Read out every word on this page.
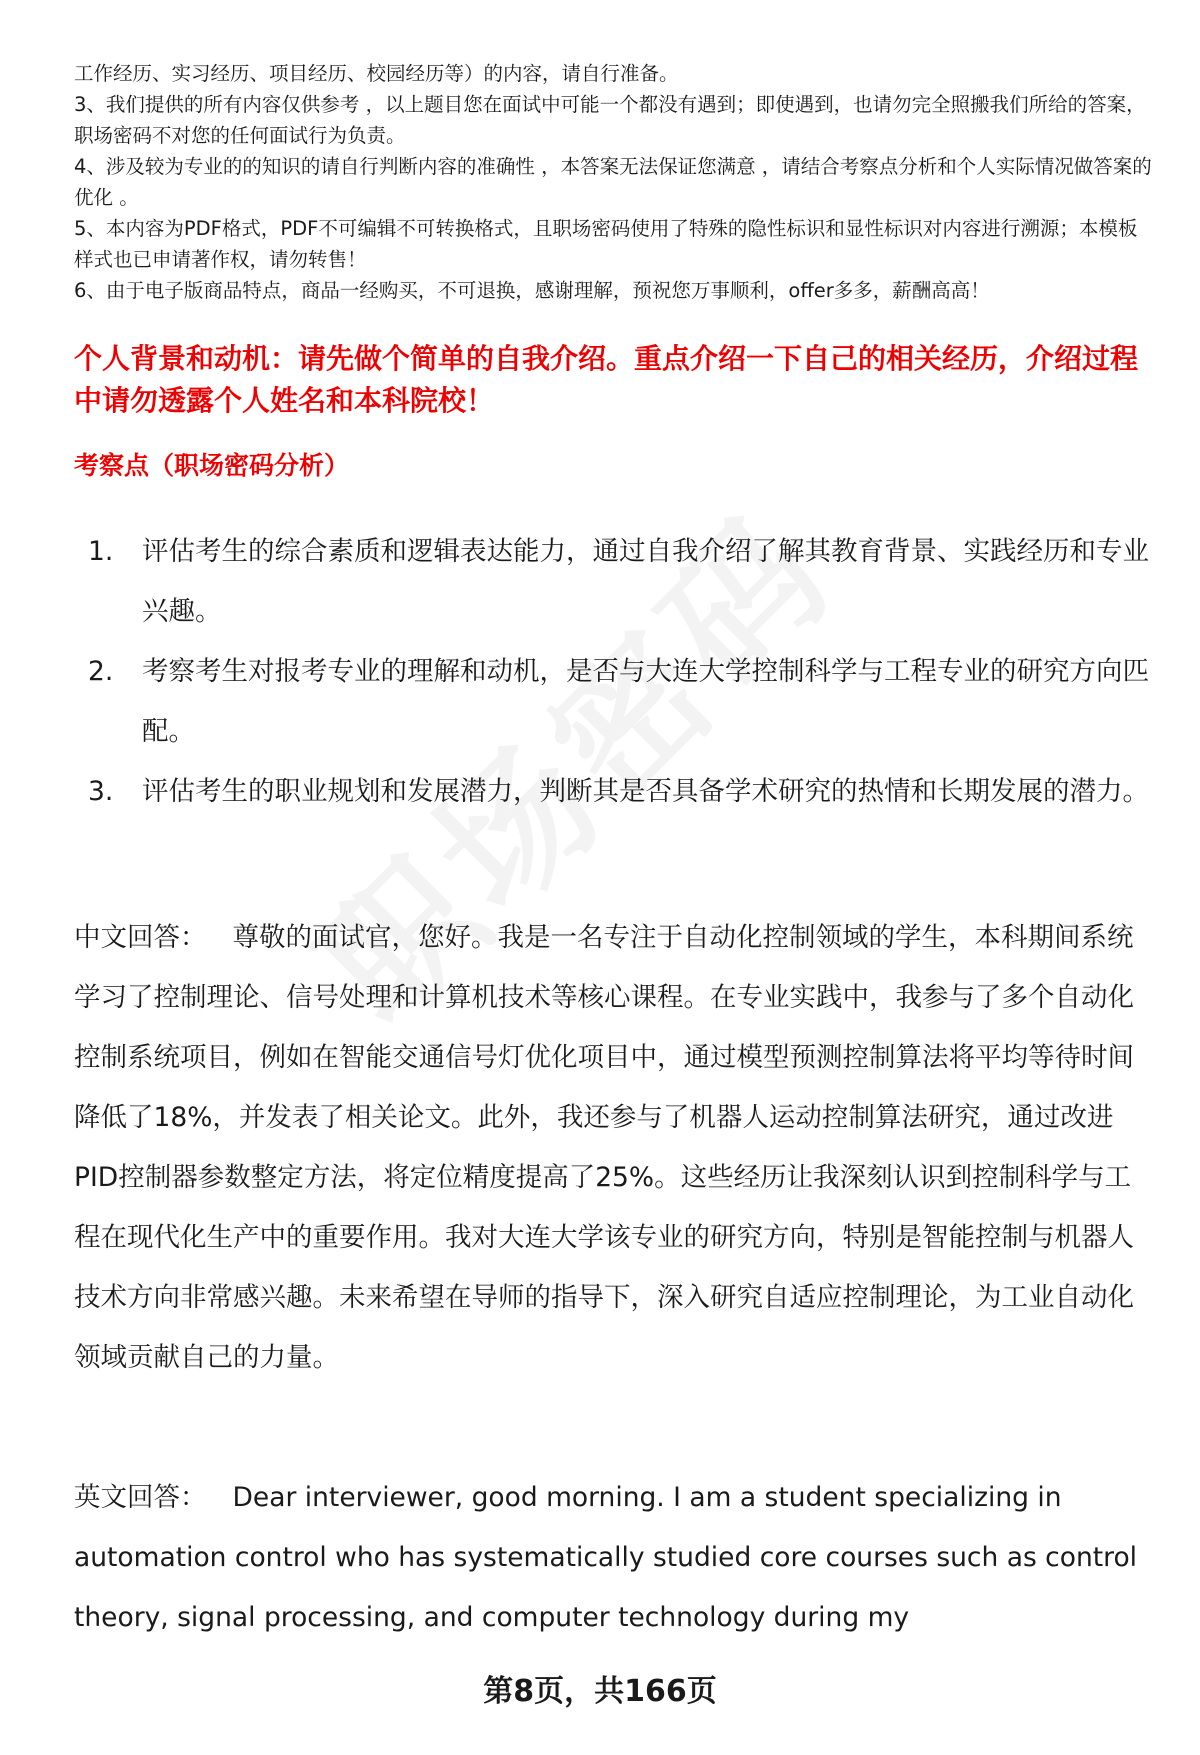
工作经历、实习经历、项目经历、校园经历等）的内容，请自行准备。

3、我们提供的所有内容仅供参考 ，以上题目您在面试中可能一个都没有遇到；即使遇到，也请勿完全照搬我们所给的答案，职场密码不对您的任何面试行为负责。

4、涉及较为专业的的知识的请自行判断内容的准确性 ，本答案无法保证您满意 ，请结合考察点分析和个人实际情况做答案的优化 。

5、本内容为PDF格式，PDF不可编辑不可转换格式，且职场密码使用了特殊的隐性标识和显性标识对内容进行溯源；本模板样式也已申请著作权，请勿转售！

6、由于电子版商品特点，商品一经购买，不可退换，感谢理解，预祝您万事顺利，offer多多，薪酬高高！

个人背景和动机：请先做个简单的自我介绍。重点介绍一下自己的相关经历，介绍过程中请勿透露个人姓名和本科院校！
考察点（职场密码分析）
1.	评估考生的综合素质和逻辑表达能力，通过自我介绍了解其教育背景、实践经历和专业兴趣。
2.	考察考生对报考专业的理解和动机，是否与大连大学控制科学与工程专业的研究方向匹配。
3.	评估考生的职业规划和发展潜力，判断其是否具备学术研究的热情和长期发展的潜力。

中文回答： 尊敬的面试官，您好。我是一名专注于自动化控制领域的学生，本科期间系统学习了控制理论、信号处理和计算机技术等核心课程。在专业实践中，我参与了多个自动化控制系统项目，例如在智能交通信号灯优化项目中，通过模型预测控制算法将平均等待时间降低了18%，并发表了相关论文。此外，我还参与了机器人运动控制算法研究，通过改进PID控制器参数整定方法，将定位精度提高了25%。这些经历让我深刻认识到控制科学与工程在现代化生产中的重要作用。我对大连大学该专业的研究方向，特别是智能控制与机器人技术方向非常感兴趣。未来希望在导师的指导下，深入研究自适应控制理论，为工业自动化领域贡献自己的力量。

英文回答： Dear interviewer, good morning. I am a student specializing in automation control who has systematically studied core courses such as control theory, signal processing, and computer technology during my

第8页，共166页
